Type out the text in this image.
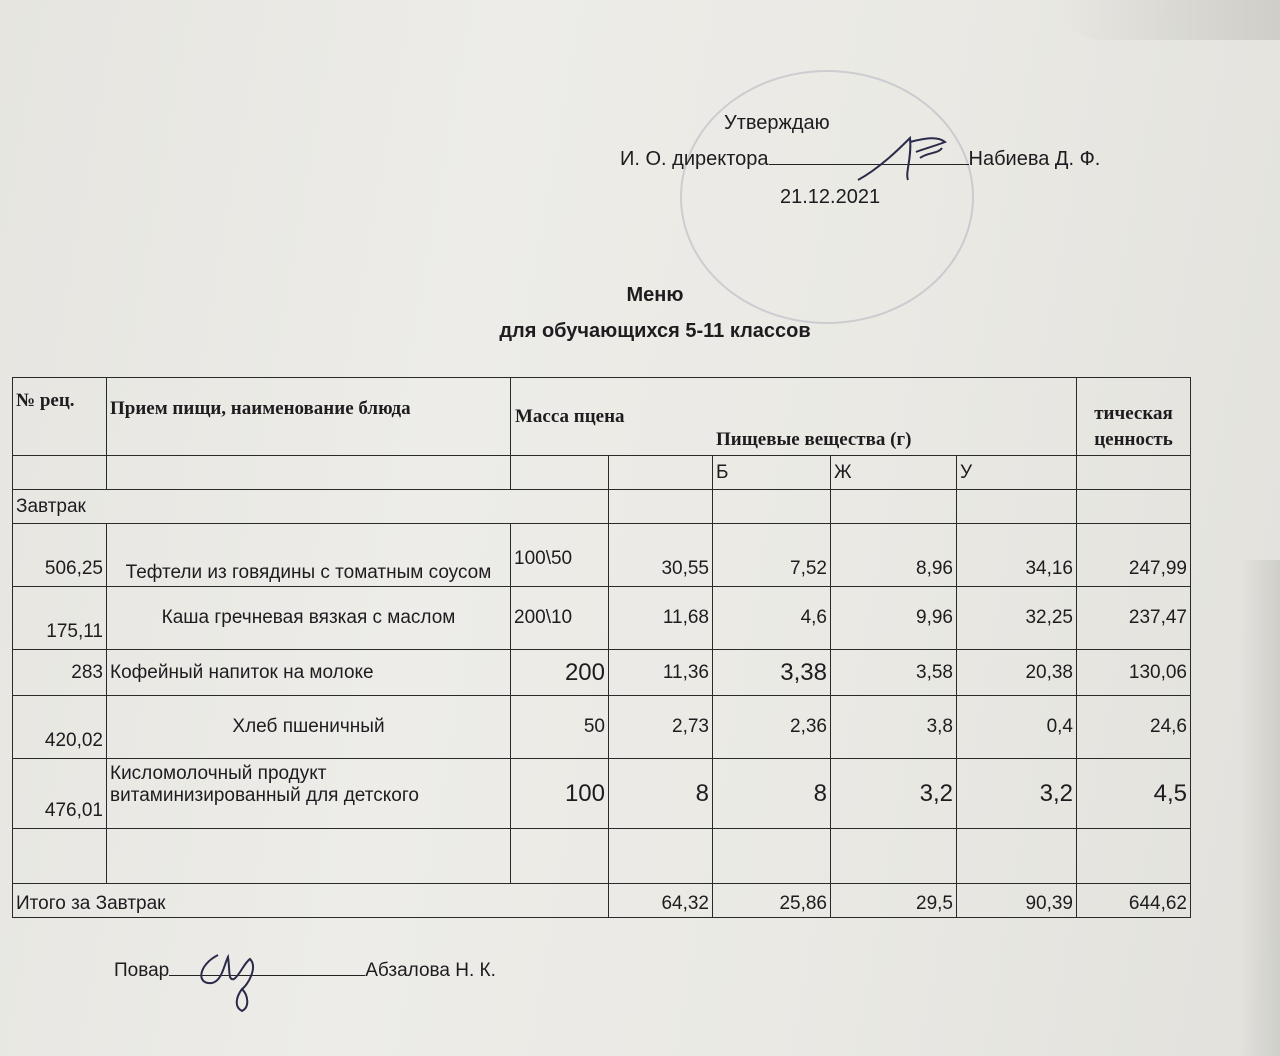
Утверждаю
И. О. директора	Набиева Д. Ф.
21.12.2021
Меню
для обучающихся 5-11 классов
№ рец.	Прием пищи, наименование блюда	Масса пцена		Пищевые вещества (г)			тическая
ценность

				Б	Ж	У	
Завтрак							
506,25	Тефтели из говядины с томатным соусом	100\50	30,55	7,52	8,96	34,16	247,99
175,11	Каша гречневая вязкая с маслом	200\10	11,68	4,6	9,96	32,25	237,47
283	Кофейный напиток на молоке	200	11,36	3,38	3,58	20,38	130,06
420,02	Хлеб пшеничный	50	2,73	2,36	3,8	0,4	24,6
476,01	Кисломолочный продукт витаминизированный для детского	100	8	8	3,2	3,2	4,5

Итого за Завтрак			64,32	25,86	29,5	90,39	644,62
Повар	Абзалова Н. К.
